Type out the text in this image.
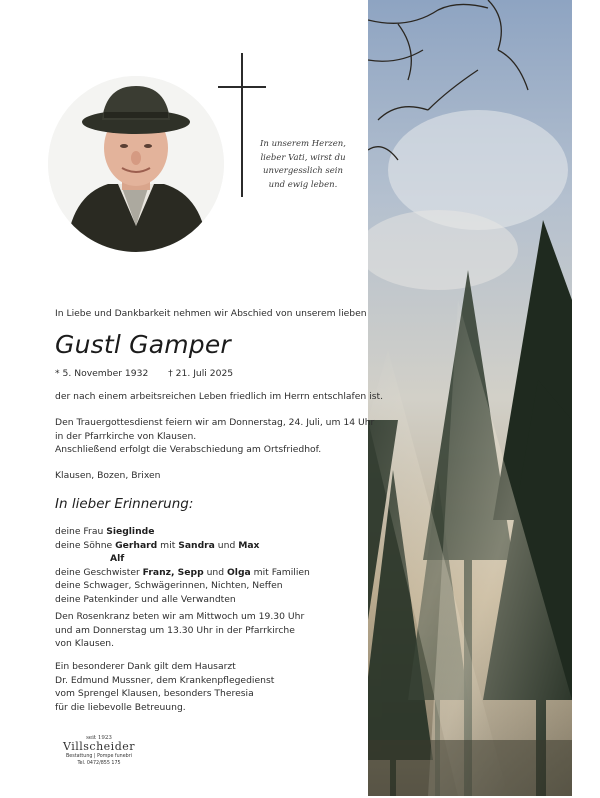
In unserem Herzen,
lieber Vati, wirst du
unvergesslich sein
und ewig leben.
In Liebe und Dankbarkeit nehmen wir Abschied von unserem lieben
Gustl Gamper
* 5. November 1932 † 21. Juli 2025
der nach einem arbeitsreichen Leben friedlich im Herrn entschlafen ist.
Den Trauergottesdienst feiern wir am Donnerstag, 24. Juli, um 14 Uhr
in der Pfarrkirche von Klausen.
Anschließend erfolgt die Verabschiedung am Ortsfriedhof.
Klausen, Bozen, Brixen
In lieber Erinnerung:
deine Frau Sieglinde
deine Söhne Gerhard mit Sandra und Max
Alf
deine Geschwister Franz, Sepp und Olga mit Familien
deine Schwager, Schwägerinnen, Nichten, Neffen
deine Patenkinder und alle Verwandten
Den Rosenkranz beten wir am Mittwoch um 19.30 Uhr
und am Donnerstag um 13.30 Uhr in der Pfarrkirche
von Klausen.
Ein besonderer Dank gilt dem Hausarzt
Dr. Edmund Mussner, dem Krankenpflegedienst
vom Sprengel Klausen, besonders Theresia
für die liebevolle Betreuung.
seit 1923
Villscheider
Bestattung | Pompe funebri
Tel. 0472/855 175
